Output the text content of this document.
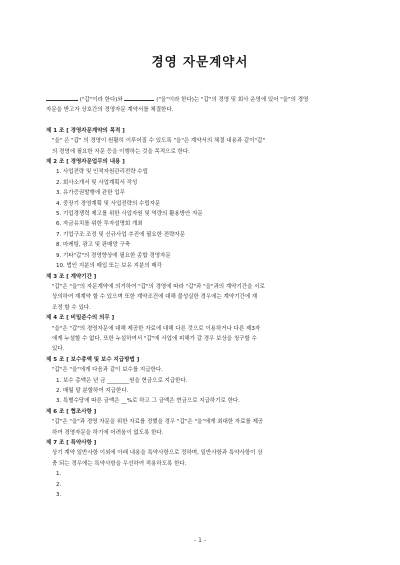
경영 자문계약서
("갑"이라 한다)와	("을"이라 한다)는 "갑"의 경영 및 회사 운영에 있어 "을"의 경영
자문을 받고자 상호간의 경영자문 계약서를 체결한다.
제 1 조 [ 경영자문계약의 목적 ]
"을" 은 "갑" 의 경영이 원활히 이루어질 수 있도록 "을"은 계약서의 체결 내용과 같이"갑"
의 경영에 필요한 자문 등을 이행하는 것을 목적으로 한다.
제 2 조 [ 경영자문업무의 내용 ]
1. 사업전략 및 인적자원관리전략 수립
2. 회사소개서 및 사업계획서 작성
3. 유가증권발행에 관한 업무
4. 중장기 경영계획 및 사업전략의 수립자문
5. 기업경쟁력 제고를 위한 사업자원 및 역량의 활용방안 자문
6. 자금유치를 위한 투자설명회 개최
7. 기업구조 조정 및 신규사업 추진에 필요한 전략자문
8. 마케팅, 광고 및 판매망 구축
9. 기타"갑"의 경영향상에 필요한 종합 경영자문
10. 법인 지분의 매입 또는 보유 지분의 매각
제 3 조 [ 계약기간 ]
"갑"은 "을"의 자문계약에 의거하여 "갑"의 경영에 따라 "갑"과 "을"과의 계약기간을 서로
상의하여 재계약 할 수 있으며 또한 계약조건에 대해 불성실한 경우에는 계약기간에 재
조정 할 수 있다.
제 4 조 [ 비밀준수의 의무 ]
"을"은 "갑"의 경영자문에 대해 제공한 자료에 대해 다른 것으로 이용하거나 다른 제3자
에게 누설할 수 없다. 또한 누설하여서 "갑"에 사업에 피해가 갈 경우 보상을 청구할 수
있다.
제 5 조 [ 보수총액 및 보수 지급방법 ]
"갑"은 "을"에게 다음과 같이 보수를 지급한다.
1. 보수 총액은 년 금 ________원을 현금으로 지급한다.
2. 매월 말 분할하여 지급한다.
3. 특별수당에 따른 금액은 __%로 하고 그 금액은 현금으로 지급하기로 한다.
제 6 조 [ 협조사항 ]
"갑"은 "을"과 경영 자문을 위한 자료를 정했을 경우 "갑"은 "을"에게 최대한 자료를 제공
하여 경영자문을 하기에 어려움이 없도록 한다.
제 7 조 [ 특약사항 ]
상기 계약 일반사항 이외에 아래 내용을 특약사항으로 정하며, 일반사항과 특약사항이 상
충 되는 경우에는 특약사항을 우선하여 적용하도록 한다.
1.
2.
3.
- 1 -
